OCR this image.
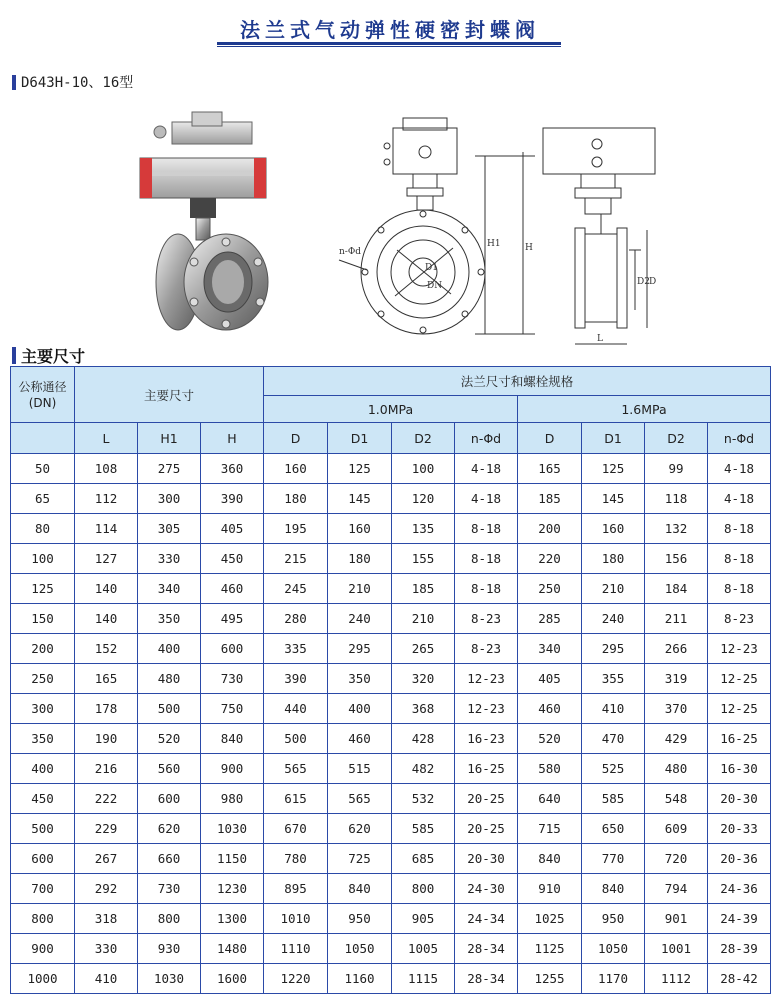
法兰式气动弹性硬密封蝶阀
D643H-10、16型
H1	H
D2 D
L
D1
DN
n-Φd
主要尺寸
公称通径
(DN)	主要尺寸			法兰尺寸和螺栓规格							
				1.0MPa				1.6MPa			
	L	H1	H	D	D1	D2	n-Φd	D	D1	D2	n-Φd
50	108	275	360	160	125	100	4-18	165	125	99	4-18
65	112	300	390	180	145	120	4-18	185	145	118	4-18
80	114	305	405	195	160	135	8-18	200	160	132	8-18
100	127	330	450	215	180	155	8-18	220	180	156	8-18
125	140	340	460	245	210	185	8-18	250	210	184	8-18
150	140	350	495	280	240	210	8-23	285	240	211	8-23
200	152	400	600	335	295	265	8-23	340	295	266	12-23
250	165	480	730	390	350	320	12-23	405	355	319	12-25
300	178	500	750	440	400	368	12-23	460	410	370	12-25
350	190	520	840	500	460	428	16-23	520	470	429	16-25
400	216	560	900	565	515	482	16-25	580	525	480	16-30
450	222	600	980	615	565	532	20-25	640	585	548	20-30
500	229	620	1030	670	620	585	20-25	715	650	609	20-33
600	267	660	1150	780	725	685	20-30	840	770	720	20-36
700	292	730	1230	895	840	800	24-30	910	840	794	24-36
800	318	800	1300	1010	950	905	24-34	1025	950	901	24-39
900	330	930	1480	1110	1050	1005	28-34	1125	1050	1001	28-39
1000	410	1030	1600	1220	1160	1115	28-34	1255	1170	1112	28-42
